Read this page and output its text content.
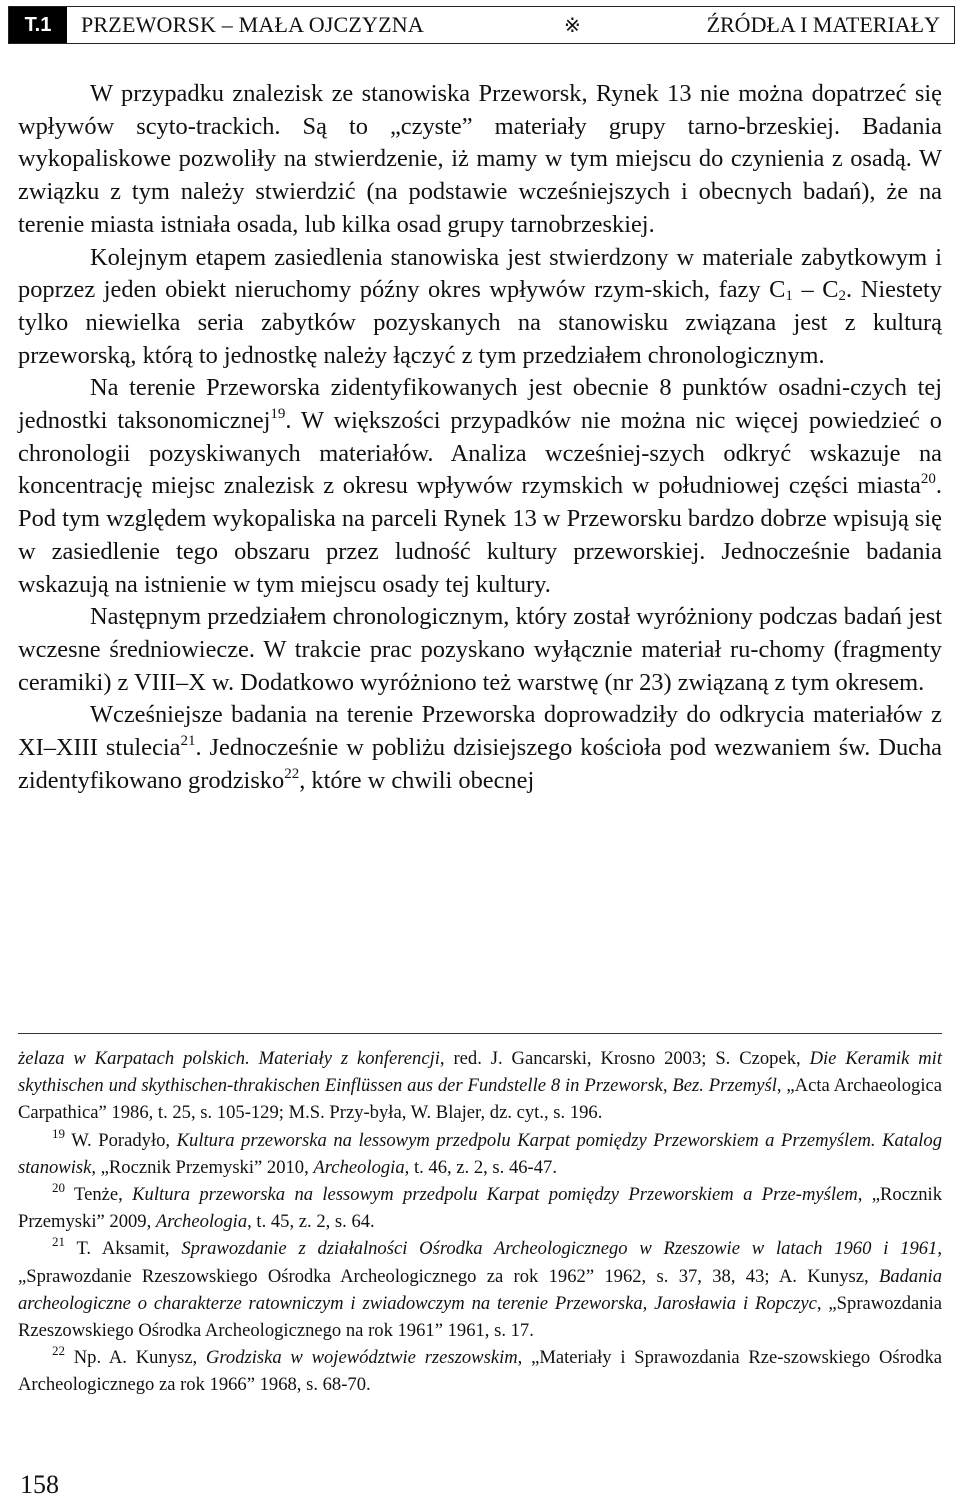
T.1	PRZEWORSK – MAŁA OJCZYZNA	※	ŹRÓDŁA I MATERIAŁY

W przypadku znalezisk ze stanowiska Przeworsk, Rynek 13 nie można dopatrzeć się wpływów scyto-trackich. Są to „czyste” materiały grupy tarno-brzeskiej. Badania wykopaliskowe pozwoliły na stwierdzenie, iż mamy w tym miejscu do czynienia z osadą. W związku z tym należy stwierdzić (na podstawie wcześniejszych i obecnych badań), że na terenie miasta istniała osada, lub kilka osad grupy tarnobrzeskiej.

Kolejnym etapem zasiedlenia stanowiska jest stwierdzony w materiale zabytkowym i poprzez jeden obiekt nieruchomy późny okres wpływów rzym-skich, fazy $C_1 - C_2$. Niestety tylko niewielka seria zabytków pozyskanych na stanowisku związana jest z kulturą przeworską, którą to jednostkę należy łączyć z tym przedziałem chronologicznym.

Na terenie Przeworska zidentyfikowanych jest obecnie 8 punktów osadni-czych tej jednostki taksonomicznej$^{19}$. W większości przypadków nie można nic więcej powiedzieć o chronologii pozyskiwanych materiałów. Analiza wcześniej-szych odkryć wskazuje na koncentrację miejsc znalezisk z okresu wpływów rzymskich w południowej części miasta$^{20}$. Pod tym względem wykopaliska na parceli Rynek 13 w Przeworsku bardzo dobrze wpisują się w zasiedlenie tego obszaru przez ludność kultury przeworskiej. Jednocześnie badania wskazują na istnienie w tym miejscu osady tej kultury.

Następnym przedziałem chronologicznym, który został wyróżniony podczas badań jest wczesne średniowiecze. W trakcie prac pozyskano wyłącznie materiał ru-chomy (fragmenty ceramiki) z VIII–X w. Dodatkowo wyróżniono też warstwę (nr 23) związaną z tym okresem.

Wcześniejsze badania na terenie Przeworska doprowadziły do odkrycia materiałów z XI–XIII stulecia$^{21}$. Jednocześnie w pobliżu dzisiejszego kościoła pod wezwaniem św. Ducha zidentyfikowano grodzisko$^{22}$, które w chwili obecnej

żelaza w Karpatach polskich. Materiały z konferencji, red. J. Gancarski, Krosno 2003; S. Czopek, Die Keramik mit skythischen und skythischen-thrakischen Einflüssen aus der Fundstelle 8 in Przeworsk, Bez. Przemyśl, „Acta Archaeologica Carpathica” 1986, t. 25, s. 105-129; M.S. Przy-była, W. Blajer, dz. cyt., s. 196.

$^{19}$ W. Poradyło, Kultura przeworska na lessowym przedpolu Karpat pomiędzy Przeworskiem a Przemyślem. Katalog stanowisk, „Rocznik Przemyski” 2010, Archeologia, t. 46, z. 2, s. 46-47.

$^{20}$ Tenże, Kultura przeworska na lessowym przedpolu Karpat pomiędzy Przeworskiem a Prze-myślem, „Rocznik Przemyski” 2009, Archeologia, t. 45, z. 2, s. 64.

$^{21}$ T. Aksamit, Sprawozdanie z działalności Ośrodka Archeologicznego w Rzeszowie w latach 1960 i 1961, „Sprawozdanie Rzeszowskiego Ośrodka Archeologicznego za rok 1962” 1962, s. 37, 38, 43; A. Kunysz, Badania archeologiczne o charakterze ratowniczym i zwiadowczym na terenie Przeworska, Jarosławia i Ropczyc, „Sprawozdania Rzeszowskiego Ośrodka Archeologicznego na rok 1961” 1961, s. 17.

$^{22}$ Np. A. Kunysz, Grodziska w województwie rzeszowskim, „Materiały i Sprawozdania Rze-szowskiego Ośrodka Archeologicznego za rok 1966” 1968, s. 68-70.

158
